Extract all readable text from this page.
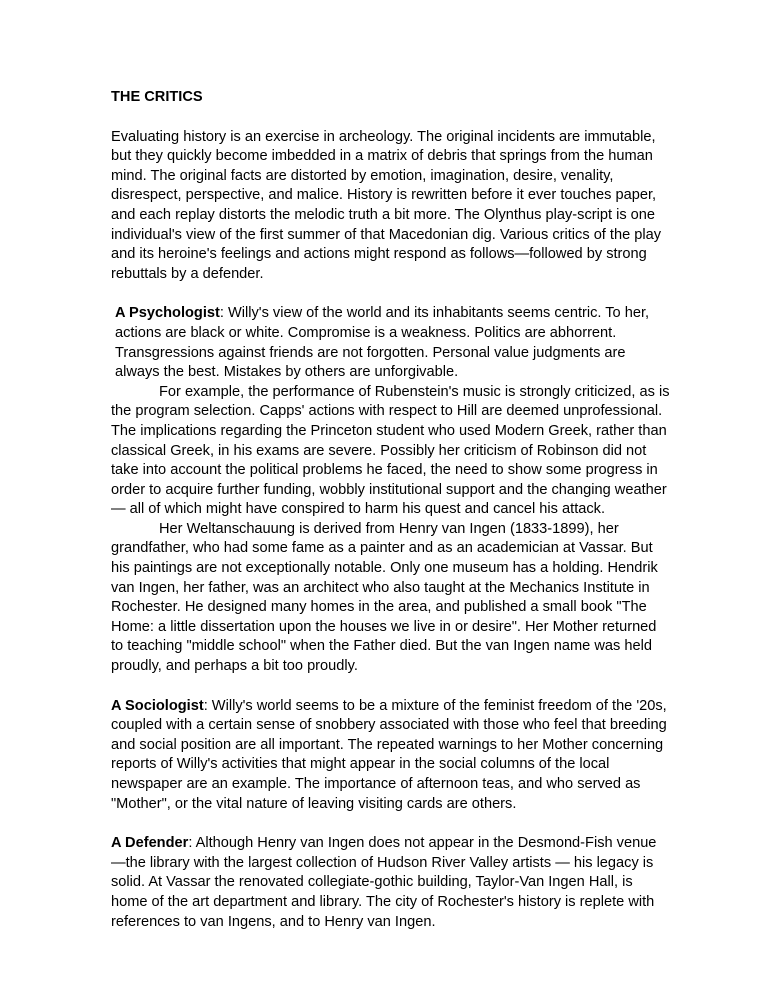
THE CRITICS

Evaluating history is an exercise in archeology. The original incidents are immutable, but they quickly become imbedded in a matrix of debris that springs from the human mind. The original facts are distorted by emotion, imagination, desire, venality, disrespect, perspective, and malice. History is rewritten before it ever touches paper, and each replay distorts the melodic truth a bit more. The Olynthus play-script is one individual's view of the first summer of that Macedonian dig. Various critics of the play and its heroine's feelings and actions might respond as follows—followed by strong rebuttals by a defender.

A Psychologist: Willy's view of the world and its inhabitants seems centric. To her, actions are black or white. Compromise is a weakness. Politics are abhorrent. Transgressions against friends are not forgotten. Personal value judgments are always the best. Mistakes by others are unforgivable.

For example, the performance of Rubenstein's music is strongly criticized, as is the program selection. Capps' actions with respect to Hill are deemed unprofessional. The implications regarding the Princeton student who used Modern Greek, rather than classical Greek, in his exams are severe. Possibly her criticism of Robinson did not take into account the political problems he faced, the need to show some progress in order to acquire further funding, wobbly institutional support and the changing weather— all of which might have conspired to harm his quest and cancel his attack.

Her Weltanschauung is derived from Henry van Ingen (1833-1899), her grandfather, who had some fame as a painter and as an academician at Vassar. But his paintings are not exceptionally notable. Only one museum has a holding. Hendrik van Ingen, her father, was an architect who also taught at the Mechanics Institute in Rochester. He designed many homes in the area, and published a small book "The Home: a little dissertation upon the houses we live in or desire". Her Mother returned to teaching "middle school" when the Father died. But the van Ingen name was held proudly, and perhaps a bit too proudly.

A Sociologist: Willy's world seems to be a mixture of the feminist freedom of the '20s, coupled with a certain sense of snobbery associated with those who feel that breeding and social position are all important. The repeated warnings to her Mother concerning reports of Willy's activities that might appear in the social columns of the local newspaper are an example. The importance of afternoon teas, and who served as "Mother", or the vital nature of leaving visiting cards are others.

A Defender: Although Henry van Ingen does not appear in the Desmond-Fish venue—the library with the largest collection of Hudson River Valley artists — his legacy is solid. At Vassar the renovated collegiate-gothic building, Taylor-Van Ingen Hall, is home of the art department and library. The city of Rochester's history is replete with references to van Ingens, and to Henry van Ingen.
